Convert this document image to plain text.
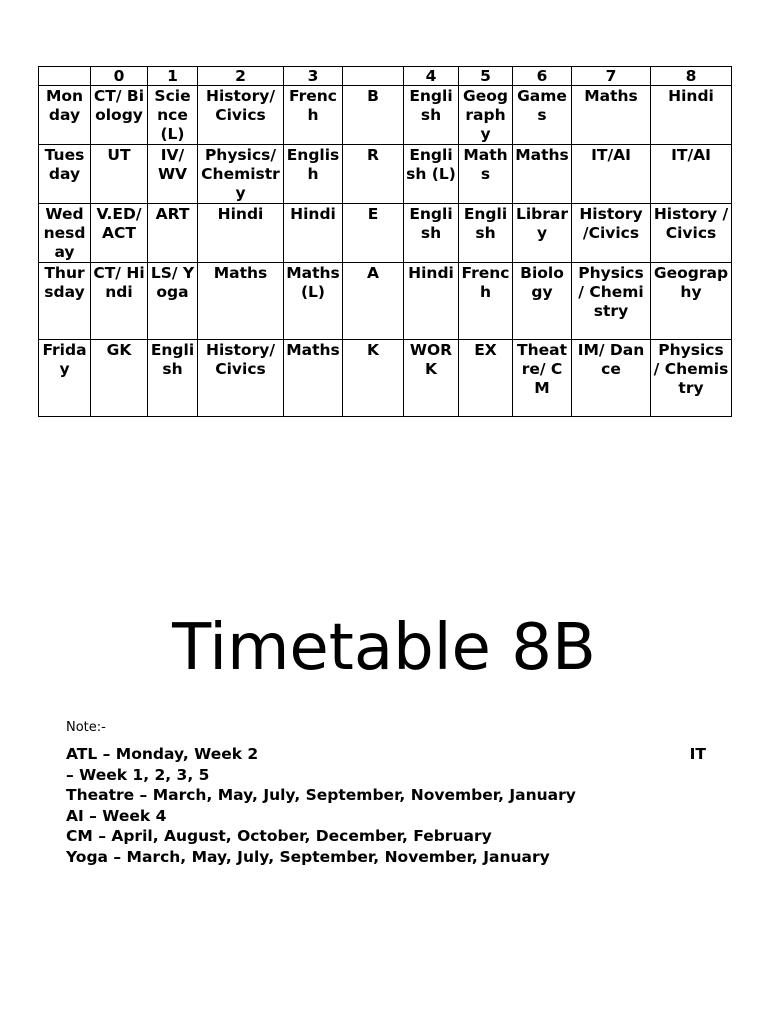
	0	1	2	3		4	5	6	7	8
Monday	CT/ Biology	Science (L)	History/ Civics	French	B	English	Geography	Games	Maths	Hindi
Tuesday	UT	IV/ WV	Physics/ Chemistry	English	R	English (L)	Maths	Maths	IT/AI	IT/AI
Wednesday	V.ED/ACT	ART	Hindi	Hindi	E	English	English	Library	History /Civics	History /Civics
Thursday	CT/ Hindi	LS/ Yoga	Maths	Maths (L)	A	Hindi	French	Biology	Physics / Chemistry	Geography
Friday	GK	English	History/ Civics	Maths	K	WORK	EX	Theatre/ CM	IM/ Dance	Physics / Chemistry
Timetable 8B
Note:-
ATL – Monday, Week 2	IT
– Week 1, 2, 3, 5
Theatre – March, May, July, September, November, January
AI – Week 4
CM – April, August, October, December, February
Yoga – March, May, July, September, November, January
